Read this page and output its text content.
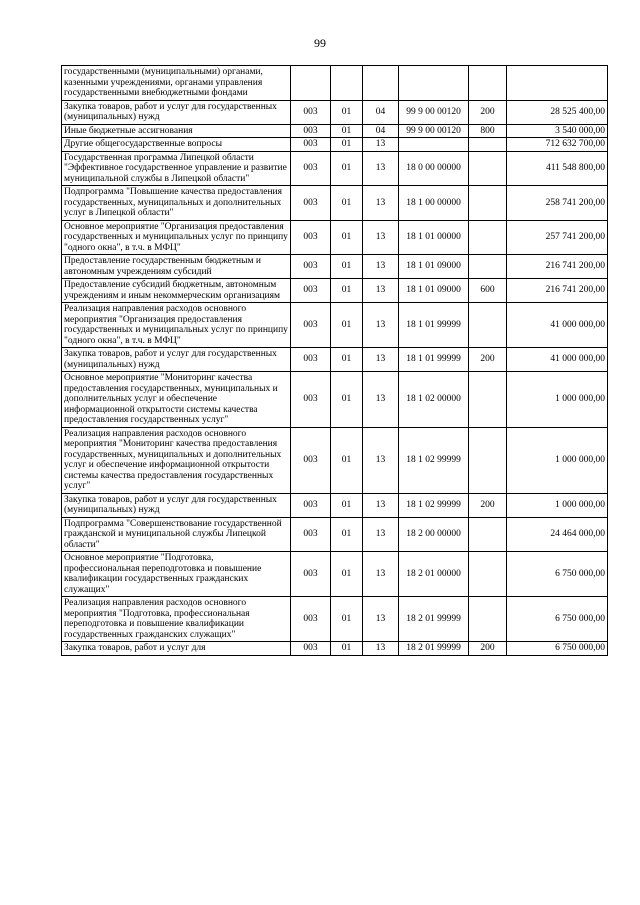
99
государственными (муниципальными) органами, казенными учреждениями, органами управления государственными внебюджетными фондами						
Закупка товаров, работ и услуг для государственных (муниципальных) нужд	003	01	04	99 9 00 00120	200	28 525 400,00
Иные бюджетные ассигнования	003	01	04	99 9 00 00120	800	3 540 000,00
Другие общегосударственные вопросы	003	01	13			712 632 700,00
Государственная программа Липецкой области "Эффективное государственное управление и развитие муниципальной службы в Липецкой области"	003	01	13	18 0 00 00000		411 548 800,00
Подпрограмма "Повышение качества предоставления государственных, муниципальных и дополнительных услуг в Липецкой области"	003	01	13	18 1 00 00000		258 741 200,00
Основное мероприятие "Организация предоставления государственных и муниципальных услуг по принципу "одного окна", в т.ч. в МФЦ"	003	01	13	18 1 01 00000		257 741 200,00
Предоставление государственным бюджетным и автономным учреждениям субсидий	003	01	13	18 1 01 09000		216 741 200,00
Предоставление субсидий бюджетным, автономным учреждениям и иным некоммерческим организациям	003	01	13	18 1 01 09000	600	216 741 200,00
Реализация направления расходов основного мероприятия "Организация предоставления государственных и муниципальных услуг по принципу "одного окна", в т.ч. в МФЦ"	003	01	13	18 1 01 99999		41 000 000,00
Закупка товаров, работ и услуг для государственных (муниципальных) нужд	003	01	13	18 1 01 99999	200	41 000 000,00
Основное мероприятие "Мониторинг качества предоставления государственных, муниципальных и дополнительных услуг и обеспечение информационной открытости системы качества предоставления государственных услуг"	003	01	13	18 1 02 00000		1 000 000,00
Реализация направления расходов основного мероприятия "Мониторинг качества предоставления государственных, муниципальных и дополнительных услуг и обеспечение информационной открытости системы качества предоставления государственных услуг"	003	01	13	18 1 02 99999		1 000 000,00
Закупка товаров, работ и услуг для государственных (муниципальных) нужд	003	01	13	18 1 02 99999	200	1 000 000,00
Подпрограмма "Совершенствование государственной гражданской и муниципальной службы Липецкой области"	003	01	13	18 2 00 00000		24 464 000,00
Основное мероприятие "Подготовка, профессиональная переподготовка и повышение квалификации государственных гражданских служащих"	003	01	13	18 2 01 00000		6 750 000,00
Реализация направления расходов основного мероприятия "Подготовка, профессиональная переподготовка и повышение квалификации государственных гражданских служащих"	003	01	13	18 2 01 99999		6 750 000,00
Закупка товаров, работ и услуг для	003	01	13	18 2 01 99999	200	6 750 000,00
